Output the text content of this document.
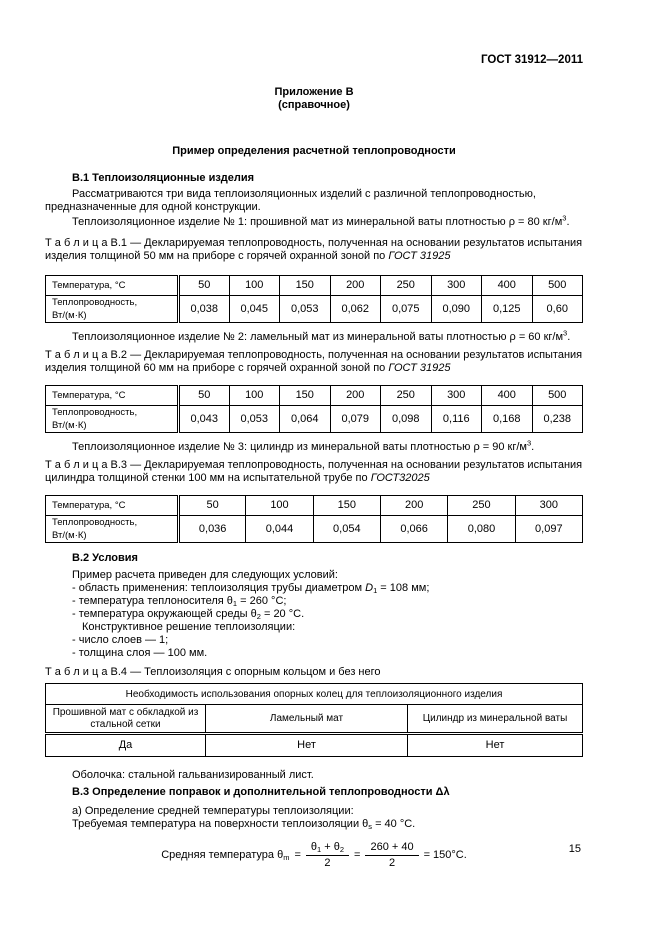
ГОСТ 31912—2011
Приложение В
(справочное)
Пример определения расчетной теплопроводности
В.1 Теплоизоляционные изделия

Рассматриваются три вида теплоизоляционных изделий с различной теплопроводностью, предназначенные для одной конструкции.

Теплоизоляционное изделие № 1: прошивной мат из минеральной ваты плотностью ρ = 80 $кг/м^3$.

Т а б л и ц а В.1 — Декларируемая теплопроводность, полученная на основании результатов испытания изделия толщиной 50 мм на приборе с горячей охранной зоной по ГОСТ 31925

Температура, °С	50	100	150	200	250	300	400	500
Теплопроводность, Вт/(м·К)	0,038	0,045	0,053	0,062	0,075	0,090	0,125	0,60

Теплоизоляционное изделие № 2: ламельный мат из минеральной ваты плотностью ρ = 60 $кг/м^3$.

Т а б л и ц а В.2 — Декларируемая теплопроводность, полученная на основании результатов испытания изделия толщиной 60 мм на приборе с горячей охранной зоной по ГОСТ 31925

Температура, °С	50	100	150	200	250	300	400	500
Теплопроводность, Вт/(м·К)	0,043	0,053	0,064	0,079	0,098	0,116	0,168	0,238

Теплоизоляционное изделие № 3: цилиндр из минеральной ваты плотностью ρ = 90 $кг/м^3$.

Т а б л и ц а В.3 — Декларируемая теплопроводность, полученная на основании результатов испытания цилиндра толщиной стенки 100 мм на испытательной трубе по ГОСТ32025

Температура, °С	50	100	150	200	250	300
Теплопроводность, Вт/(м·К)	0,036	0,044	0,054	0,066	0,080	0,097
В.2 Условия
Пример расчета приведен для следующих условий:
- область применения: теплоизоляция трубы диаметром $D_1 = 108$ мм;
- температура теплоносителя $\theta_1 = 260$ °С;
- температура окружающей среды $\theta_2 = 20$ °С.
Конструктивное решение теплоизоляции:
- число слоев — 1;
- толщина слоя — 100 мм.

Т а б л и ц а В.4 — Теплоизоляция с опорным кольцом и без него

Необходимость использования опорных колец для теплоизоляционного изделия		
Прошивной мат с обкладкой из стальной сетки	Ламельный мат	Цилиндр из минеральной ваты
Да	Нет	Нет

Оболочка: стальной гальванизированный лист.

В.3 Определение поправок и дополнительной теплопроводности Δλ

а) Определение средней температуры теплоизоляции:

Требуемая температура на поверхности теплоизоляции $\theta_s = 40$ °С.

Средняя температура $\theta_m = \frac{\theta_1 + \theta_2}{2} = \frac{260 + 40}{2} = 150^\circ С$.	15
